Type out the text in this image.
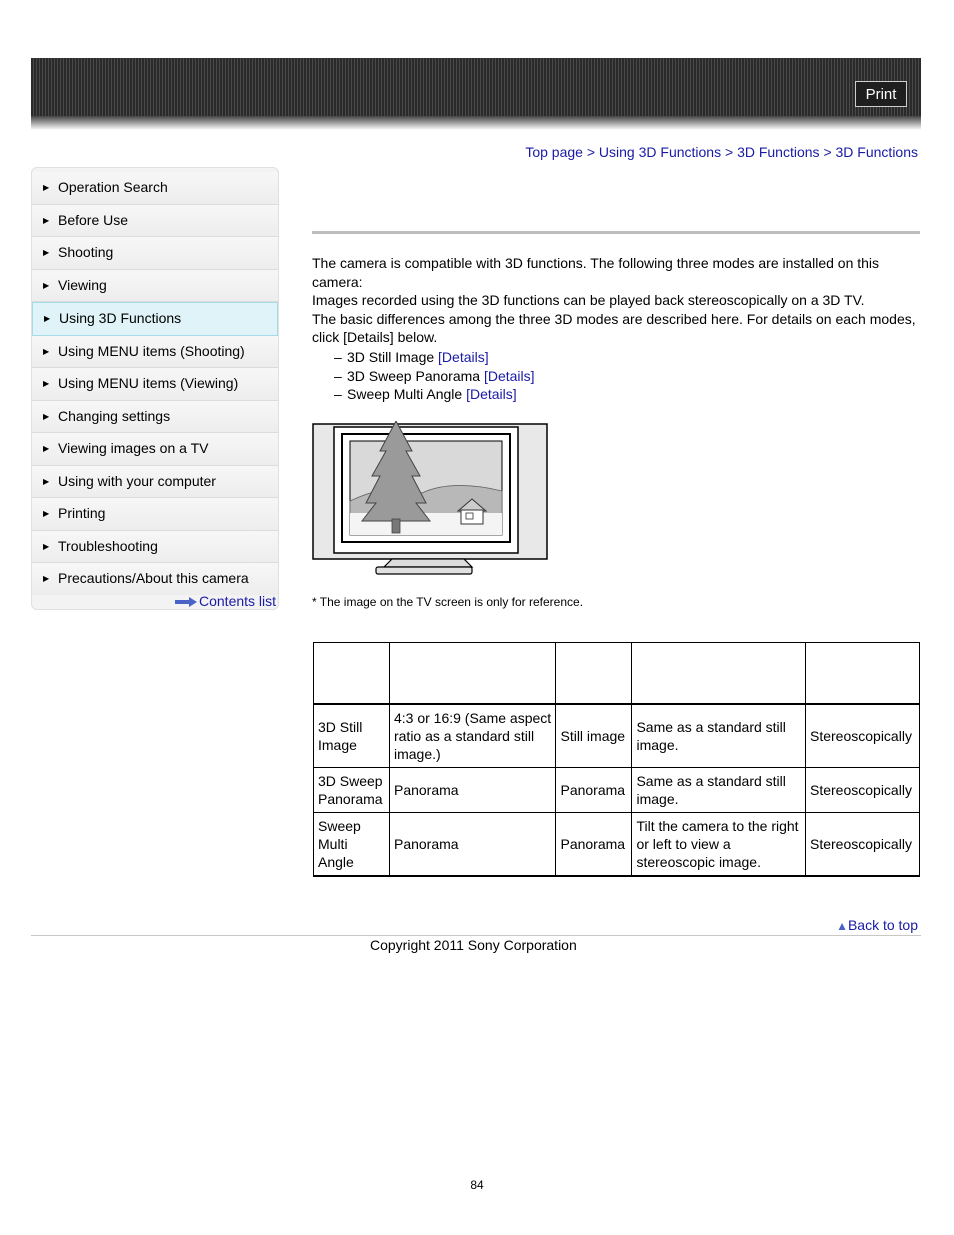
Print
Top page > Using 3D Functions > 3D Functions > 3D Functions
▶ Operation Search
▶ Before Use
▶ Shooting
▶ Viewing
▶ Using 3D Functions
▶ Using MENU items (Shooting)
▶ Using MENU items (Viewing)
▶ Changing settings
▶ Viewing images on a TV
▶ Using with your computer
▶ Printing
▶ Troubleshooting
▶ Precautions/About this camera
Contents list

The camera is compatible with 3D functions. The following three modes are installed on this camera:

Images recorded using the 3D functions can be played back stereoscopically on a 3D TV.

The basic differences among the three 3D modes are described here. For details on each modes, click [Details] below.

– 3D Still Image [Details]
– 3D Sweep Panorama [Details]
– Sweep Multi Angle [Details]
* The image on the TV screen is only for reference.

3D Still Image	4:3 or 16:9 (Same aspect ratio as a standard still image.)	Still image	Same as a standard still image.	Stereoscopically
3D Sweep Panorama	Panorama	Panorama	Same as a standard still image.	Stereoscopically
Sweep Multi Angle	Panorama	Panorama	Tilt the camera to the right or left to view a stereoscopic image.	Stereoscopically
▲Back to top
Copyright 2011 Sony Corporation
84
